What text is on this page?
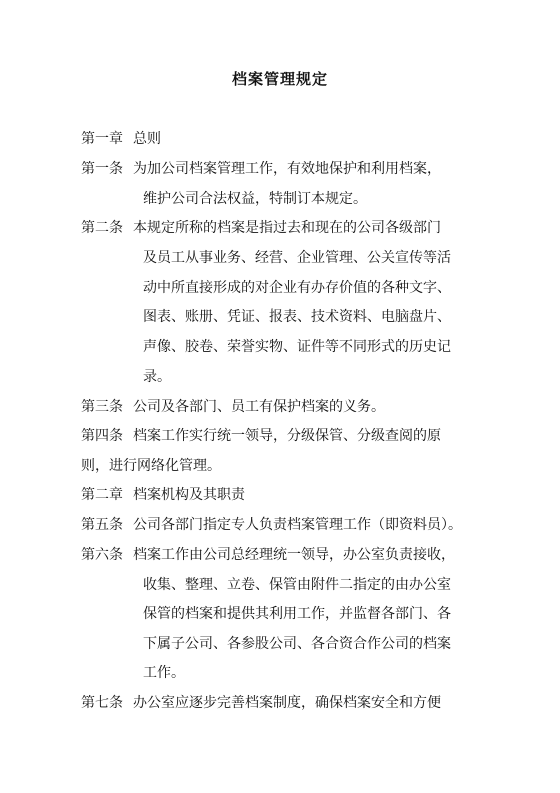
档案管理规定
第一章 总则
第一条 为加公司档案管理工作，有效地保护和利用档案，
维护公司合法权益，特制订本规定。
第二条 本规定所称的档案是指过去和现在的公司各级部门
及员工从事业务、经营、企业管理、公关宣传等活
动中所直接形成的对企业有办存价值的各种文字、
图表、账册、凭证、报表、技术资料、电脑盘片、
声像、胶卷、荣誉实物、证件等不同形式的历史记
录。
第三条 公司及各部门、员工有保护档案的义务。
第四条 档案工作实行统一领导，分级保管、分级查阅的原
则，进行网络化管理。
第二章 档案机构及其职责
第五条 公司各部门指定专人负责档案管理工作（即资料员）。
第六条 档案工作由公司总经理统一领导，办公室负责接收，
收集、整理、立卷、保管由附件二指定的由办公室
保管的档案和提供其利用工作，并监督各部门、各
下属子公司、各参股公司、各合资合作公司的档案
工作。
第七条 办公室应逐步完善档案制度，确保档案安全和方便
